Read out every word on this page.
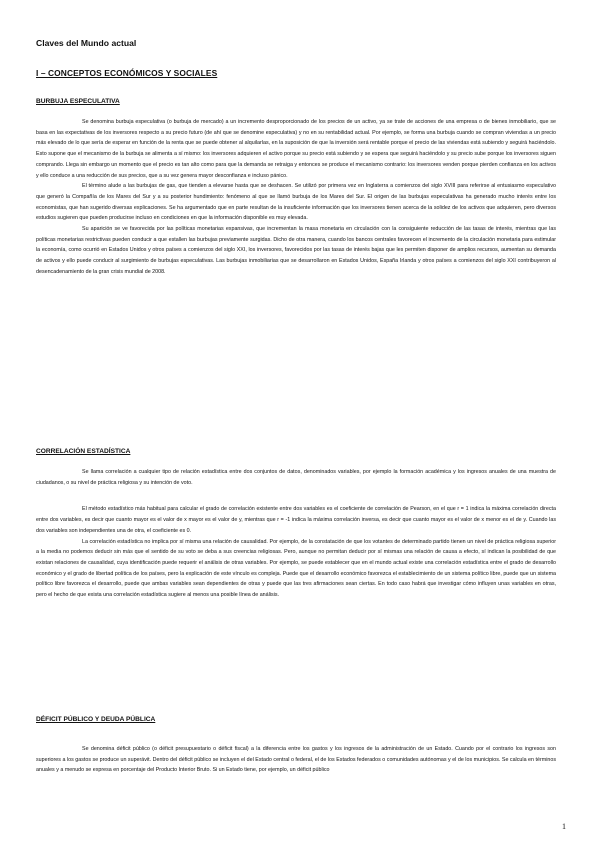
Claves del Mundo actual
I – CONCEPTOS ECONÓMICOS Y SOCIALES
BURBUJA ESPECULATIVA

Se denomina burbuja especulativa (o burbuja de mercado) a un incremento desproporcionado de los precios de un activo, ya se trate de acciones de una empresa o de bienes inmobiliario, que se basa en las expectativas de los inversores respecto a su precio futuro (de ahí que se denomine especulativa) y no en su rentabilidad actual. Por ejemplo, se forma una burbuja cuando se compran viviendas a un precio más elevado de lo que sería de esperar en función de la renta que se puede obtener al alquilarlas, en la suposición de que la inversión será rentable porque el precio de las viviendas está subiendo y seguirá haciéndolo. Esto supone que el mecanismo de la burbuja se alimenta a sí mismo: los inversores adquieren el activo porque su precio está subiendo y se espera que seguirá haciéndolo y su precio sube porque los inversores siguen comprando. Llega sin embargo un momento que el precio es tan alto como para que la demanda se retraiga y entonces se produce el mecanismo contrario: los inversores venden porque pierden confianza en los activos y ello conduce a una reducción de sus precios, que a su vez genera mayor desconfianza e incluso pánico.

El término alude a las burbujas de gas, que tienden a elevarse hasta que se deshacen. Se utilizó por primera vez en Inglaterra a comienzos del siglo XVIII para referirse al entusiasmo especulativo que generó la Compañía de los Mares del Sur y a su posterior hundimiento: fenómeno al que se llamó burbuja de los Mares del Sur. El origen de las burbujas especulativas ha generado mucho interés entre los economistas, que han sugerido diversas explicaciones. Se ha argumentado que en parte resultan de la insuficiente información que los inversores tienen acerca de la solidez de los activos que adquieren, pero diversos estudios sugieren que pueden producirse incluso en condiciones en que la información disponible es muy elevada.

Su aparición se ve favorecida por las políticas monetarias expansivas, que incrementan la masa monetaria en circulación con la consiguiente reducción de las tasas de interés, mientras que las políticas monetarias restrictivas pueden conducir a que estallen las burbujas previamente surgidas. Dicho de otra manera, cuando los bancos centrales favorecen el incremento de la circulación monetaria para estimular la economía, como ocurrió en Estados Unidos y otros países a comienzos del siglo XXI, los inversores, favorecidos por las tasas de interés bajas que les permiten disponer de amplios recursos, aumentan su demanda de activos y ello puede conducir al surgimiento de burbujas especulativas. Las burbujas inmobiliarias que se desarrollaron en Estados Unidos, España Irlanda y otros países a comienzos del siglo XXI contribuyeron al desencadenamiento de la gran crisis mundial de 2008.

CORRELACIÓN ESTADÍSTICA

Se llama correlación a cualquier tipo de relación estadística entre dos conjuntos de datos, denominados variables, por ejemplo la formación académica y los ingresos anuales de una muestra de ciudadanos, o su nivel de práctica religiosa y su intención de voto.

El método estadístico más habitual para calcular el grado de correlación existente entre dos variables es el coeficiente de correlación de Pearson, en el que r = 1 indica la máxima correlación directa entre dos variables, es decir que cuanto mayor es el valor de x mayor es el valor de y, mientras que r = -1 indica la máxima correlación inversa, es decir que cuanto mayor es el valor de x menor es el de y. Cuando las dos variables son independientes una de otra, el coeficiente es 0.

La correlación estadística no implica por sí misma una relación de causalidad. Por ejemplo, de la constatación de que los votantes de determinado partido tienen un nivel de práctica religiosa superior a la media no podemos deducir sin más que el sentido de su voto se deba a sus creencias religiosas. Pero, aunque no permitan deducir por sí mismas una relación de causa a efecto, sí indican la posibilidad de que existan relaciones de causalidad, cuya identificación puede requerir el análisis de otras variables. Por ejemplo, se puede establecer que en el mundo actual existe una correlación estadística entre el grado de desarrollo económico y el grado de libertad política de los países, pero la explicación de este vínculo es compleja. Puede que el desarrollo económico favorezca el establecimiento de un sistema político libre, puede que un sistema político libre favorezca el desarrollo, puede que ambas variables sean dependientes de otras y puede que las tres afirmaciones sean ciertas. En todo caso habrá que investigar cómo influyen unas variables en otras, pero el hecho de que exista una correlación estadística sugiere al menos una posible línea de análisis.

DÉFICIT PÚBLICO Y DEUDA PÚBLICA

Se denomina déficit público (o déficit presupuestario o déficit fiscal) a la diferencia entre los gastos y los ingresos de la administración de un Estado. Cuando por el contrario los ingresos son superiores a los gastos se produce un superávit. Dentro del déficit público se incluyen el del Estado central o federal, el de los Estados federados o comunidades autónomas y el de los municipios. Se calcula en términos anuales y a menudo se expresa en porcentaje del Producto Interior Bruto. Si un Estado tiene, por ejemplo, un déficit público

1
